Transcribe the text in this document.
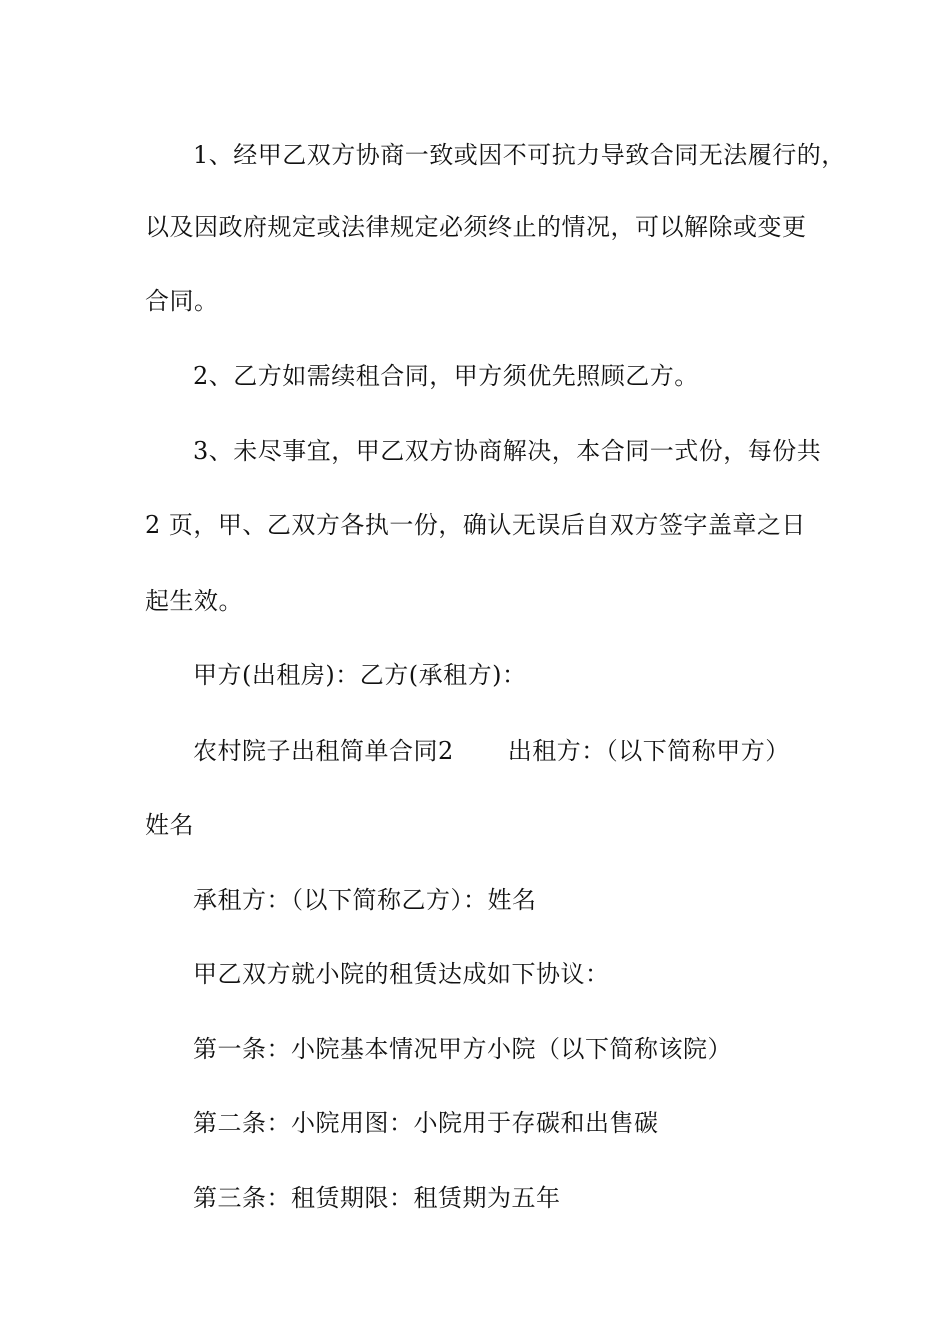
1、经甲乙双方协商一致或因不可抗力导致合同无法履行的，
以及因政府规定或法律规定必须终止的情况，可以解除或变更
合同。
2、乙方如需续租合同，甲方须优先照顾乙方。
3、未尽事宜，甲乙双方协商解决，本合同一式份，每份共
2 页，甲、乙双方各执一份，确认无误后自双方签字盖章之日
起生效。
甲方(出租房)：乙方(承租方)：
农村院子出租简单合同2 出租方：（以下简称甲方）
姓名
承租方：（以下简称乙方）：姓名
甲乙双方就小院的租赁达成如下协议：
第一条：小院基本情况甲方小院（以下简称该院）
第二条：小院用图：小院用于存碳和出售碳
第三条：租赁期限：租赁期为五年
